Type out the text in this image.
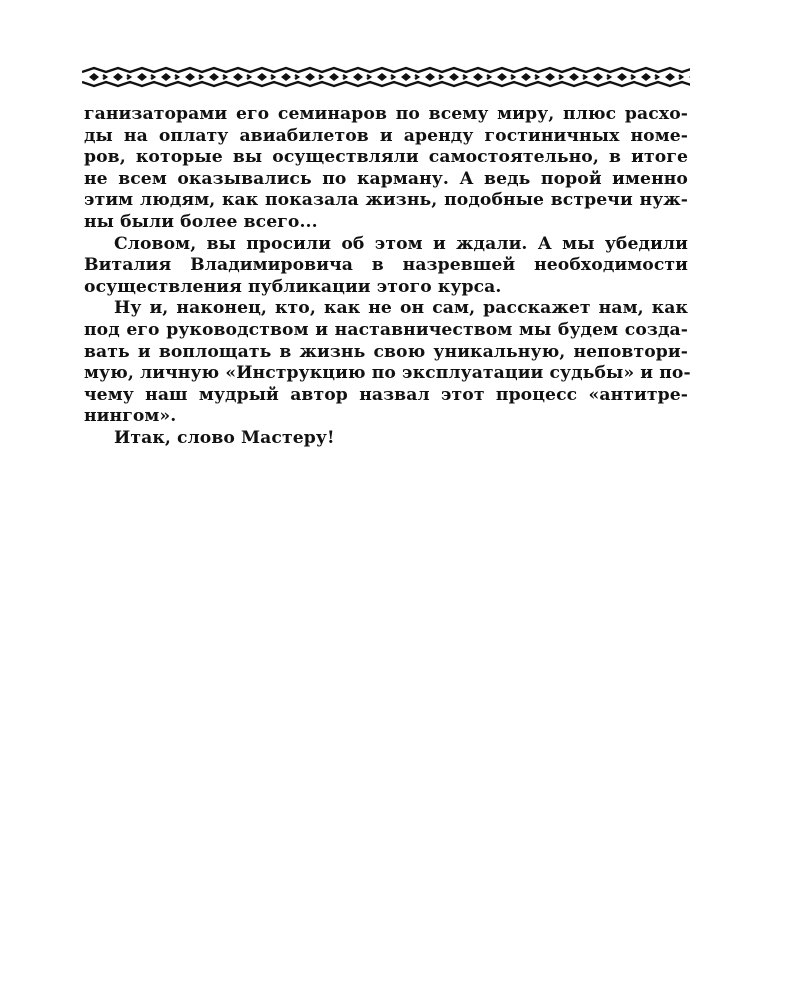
ганизаторами его семинаров по всему миру, плюс расхо-
ды на оплату авиабилетов и аренду гостиничных номе-
ров, которые вы осуществляли самостоятельно, в итоге
не всем оказывались по карману. А ведь порой именно
этим людям, как показала жизнь, подобные встречи нуж-
ны были более всего...
Словом, вы просили об этом и ждали. А мы убедили
Виталия Владимировича в назревшей необходимости
осуществления публикации этого курса.
Ну и, наконец, кто, как не он сам, расскажет нам, как
под его руководством и наставничеством мы будем созда-
вать и воплощать в жизнь свою уникальную, неповтори-
мую, личную «Инструкцию по эксплуатации судьбы» и по-
чему наш мудрый автор назвал этот процесс «антитре-
нингом».
Итак, слово Мастеру!
